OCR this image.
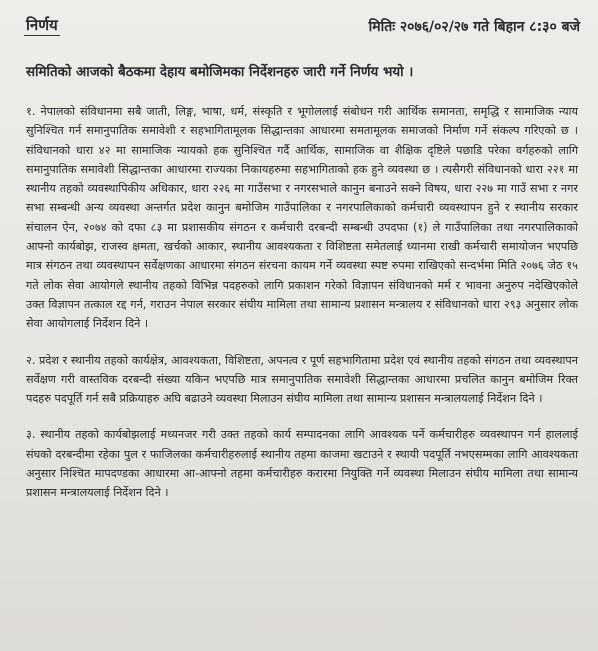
निर्णय	मितिः २०७६/०२/२७ गते बिहान ८:३० बजे
समितिको आजको बैठकमा देहाय बमोजिमका निर्देशनहरु जारी गर्ने निर्णय भयो ।

१. नेपालको संविधानमा सबै जाती, लिङ्ग, भाषा, धर्म, संस्कृति र भूगोललाई संबोधन गरी आर्थिक समानता, समृद्धि र सामाजिक न्याय सुनिश्चित गर्न समानुपातिक समावेशी र सहभागितामूलक सिद्धान्तका आधारमा समतामूलक समाजको निर्माण गर्ने संकल्प गरिएको छ । संविधानको धारा ४२ मा सामाजिक न्यायको हक सुनिश्चित गर्दै आर्थिक, सामाजिक वा शैक्षिक दृष्टिले पछाडि परेका वर्गहरुको लागि समानुपातिक समावेशी सिद्धान्तका आधारमा राज्यका निकायहरुमा सहभागिताको हक हुने व्यवस्था छ । त्यसैगरी संविधानको धारा २२१ मा स्थानीय तहको व्यवस्थापिकीय अधिकार, धारा २२६ मा गाउँसभा र नगरसभाले कानुन बनाउने सक्ने विषय, धारा २२७ मा गाउँ सभा र नगर सभा सम्बन्धी अन्य व्यवस्था अन्तर्गत प्रदेश कानुन बमोजिम गाउँपालिका र नगरपालिकाको कर्मचारी व्यवस्थापन हुने र स्थानीय सरकार संचालन ऐन, २०७४ को दफा ८३ मा प्रशासकीय संगठन र कर्मचारी दरबन्दी सम्बन्धी उपदफा (१) ले गाउँपालिका तथा नगरपालिकाको आफ्नो कार्यबोझ, राजस्व क्षमता, खर्चको आकार, स्थानीय आवश्यकता र विशिष्टता समेतलाई ध्यानमा राखी कर्मचारी समायोजन भएपछि मात्र संगठन तथा व्यवस्थापन सर्वेक्षणका आधारमा संगठन संरचना कायम गर्ने व्यवस्था स्पष्ट रुपमा राखिएको सन्दर्भमा मिति २०७६ जेठ १५ गते लोक सेवा आयोगले स्थानीय तहको विभिन्न पदहरुको लागि प्रकाशन गरेको विज्ञापन संविधानको मर्म र भावना अनुरुप नदेखिएकोले उक्त विज्ञापन तत्काल रद्द गर्न, गराउन नेपाल सरकार संघीय मामिला तथा सामान्य प्रशासन मन्त्रालय र संविधानको धारा २९३ अनुसार लोक सेवा आयोगलाई निर्देशन दिने ।

२. प्रदेश र स्थानीय तहको कार्यक्षेत्र, आवश्यकता, विशिष्टता, अपनत्व र पूर्ण सहभागितामा प्रदेश एवं स्थानीय तहको संगठन तथा व्यवस्थापन सर्वेक्षण गरी वास्तविक दरबन्दी संख्या यकिन भएपछि मात्र समानुपातिक समावेशी सिद्धान्तका आधारमा प्रचलित कानुन बमोजिम रिक्त पदहरु पदपूर्ति गर्न सबै प्रक्रियाहरु अघि बढाउने व्यवस्था मिलाउन संघीय मामिला तथा सामान्य प्रशासन मन्त्रालयलाई निर्देशन दिने ।

३. स्थानीय तहको कार्यबोझलाई मध्यनजर गरी उक्त तहको कार्य सम्पादनका लागि आवश्यक पर्ने कर्मचारीहरु व्यवस्थापन गर्न हाललाई संघको दरबन्दीमा रहेका पुल र फाजिलका कर्मचारीहरुलाई स्थानीय तहमा काजमा खटाउने र स्थायी पदपूर्ति नभएसम्मका लागि आवश्यकता अनुसार निश्चित मापदण्डका आधारमा आ-आफ्नो तहमा कर्मचारीहरु करारमा नियुक्ति गर्ने व्यवस्था मिलाउन संघीय मामिला तथा सामान्य प्रशासन मन्त्रालयलाई निर्देशन दिने ।
